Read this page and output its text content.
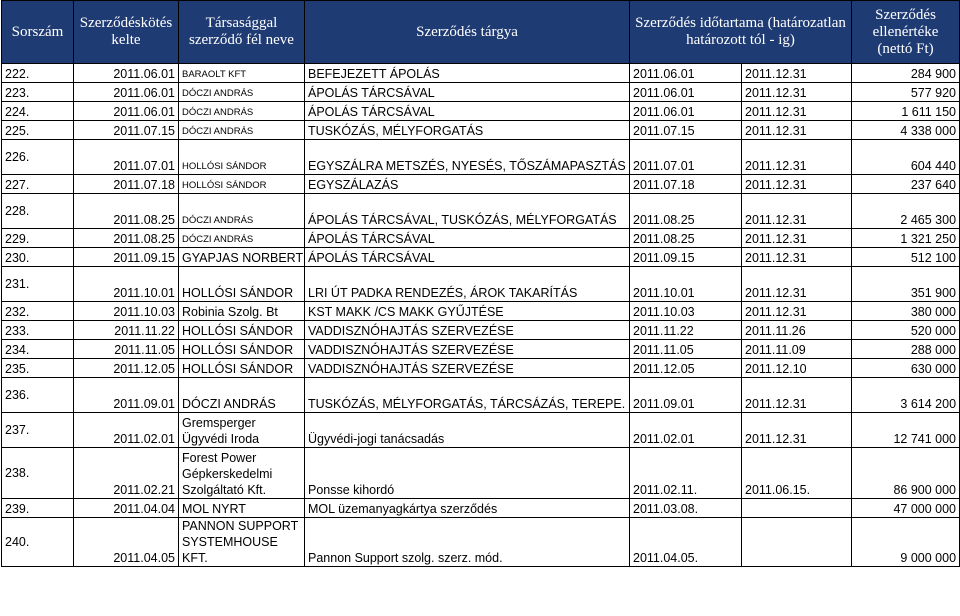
Sorszám	Szerződéskötés kelte	Társasággal szerződő fél neve	Szerződés tárgya	Szerződés időtartama (határozatlan határozott tól - ig)		Szerződés ellenértéke (nettó Ft)
222.	2011.06.01	BARAOLT KFT	BEFEJEZETT ÁPOLÁS	2011.06.01	2011.12.31	284 900
223.	2011.06.01	DÓCZI ANDRÁS	ÁPOLÁS TÁRCSÁVAL	2011.06.01	2011.12.31	577 920
224.	2011.06.01	DÓCZI ANDRÁS	ÁPOLÁS TÁRCSÁVAL	2011.06.01	2011.12.31	1 611 150
225.	2011.07.15	DÓCZI ANDRÁS	TUSKÓZÁS, MÉLYFORGATÁS	2011.07.15	2011.12.31	4 338 000
226.	2011.07.01	HOLLÓSI SÁNDOR	EGYSZÁLRA METSZÉS, NYESÉS, TŐSZÁMAPASZTÁS	2011.07.01	2011.12.31	604 440
227.	2011.07.18	HOLLÓSI SÁNDOR	EGYSZÁLAZÁS	2011.07.18	2011.12.31	237 640
228.	2011.08.25	DÓCZI ANDRÁS	ÁPOLÁS TÁRCSÁVAL, TUSKÓZÁS, MÉLYFORGATÁS	2011.08.25	2011.12.31	2 465 300
229.	2011.08.25	DÓCZI ANDRÁS	ÁPOLÁS TÁRCSÁVAL	2011.08.25	2011.12.31	1 321 250
230.	2011.09.15	GYAPJAS NORBERT	ÁPOLÁS TÁRCSÁVAL	2011.09.15	2011.12.31	512 100
231.	2011.10.01	HOLLÓSI SÁNDOR	LRI ÚT PADKA RENDEZÉS, ÁROK TAKARÍTÁS	2011.10.01	2011.12.31	351 900
232.	2011.10.03	Robinia Szolg. Bt	KST MAKK /CS MAKK GYŰJTÉSE	2011.10.03	2011.12.31	380 000
233.	2011.11.22	HOLLÓSI SÁNDOR	VADDISZNÓHAJTÁS SZERVEZÉSE	2011.11.22	2011.11.26	520 000
234.	2011.11.05	HOLLÓSI SÁNDOR	VADDISZNÓHAJTÁS SZERVEZÉSE	2011.11.05	2011.11.09	288 000
235.	2011.12.05	HOLLÓSI SÁNDOR	VADDISZNÓHAJTÁS SZERVEZÉSE	2011.12.05	2011.12.10	630 000
236.	2011.09.01	DÓCZI ANDRÁS	TUSKÓZÁS, MÉLYFORGATÁS, TÁRCSÁZÁS, TEREPE.	2011.09.01	2011.12.31	3 614 200
237.	2011.02.01	Gremsperger Ügyvédi Iroda	Ügyvédi-jogi tanácsadás	2011.02.01	2011.12.31	12 741 000
238.	2011.02.21	Forest Power Gépkerskedelmi Szolgáltató Kft.	Ponsse kihordó	2011.02.11.	2011.06.15.	86 900 000
239.	2011.04.04	MOL NYRT	MOL üzemanyagkártya szerződés	2011.03.08.		47 000 000
240.	2011.04.05	PANNON SUPPORT SYSTEMHOUSE KFT.	Pannon Support szolg. szerz. mód.	2011.04.05.		9 000 000
